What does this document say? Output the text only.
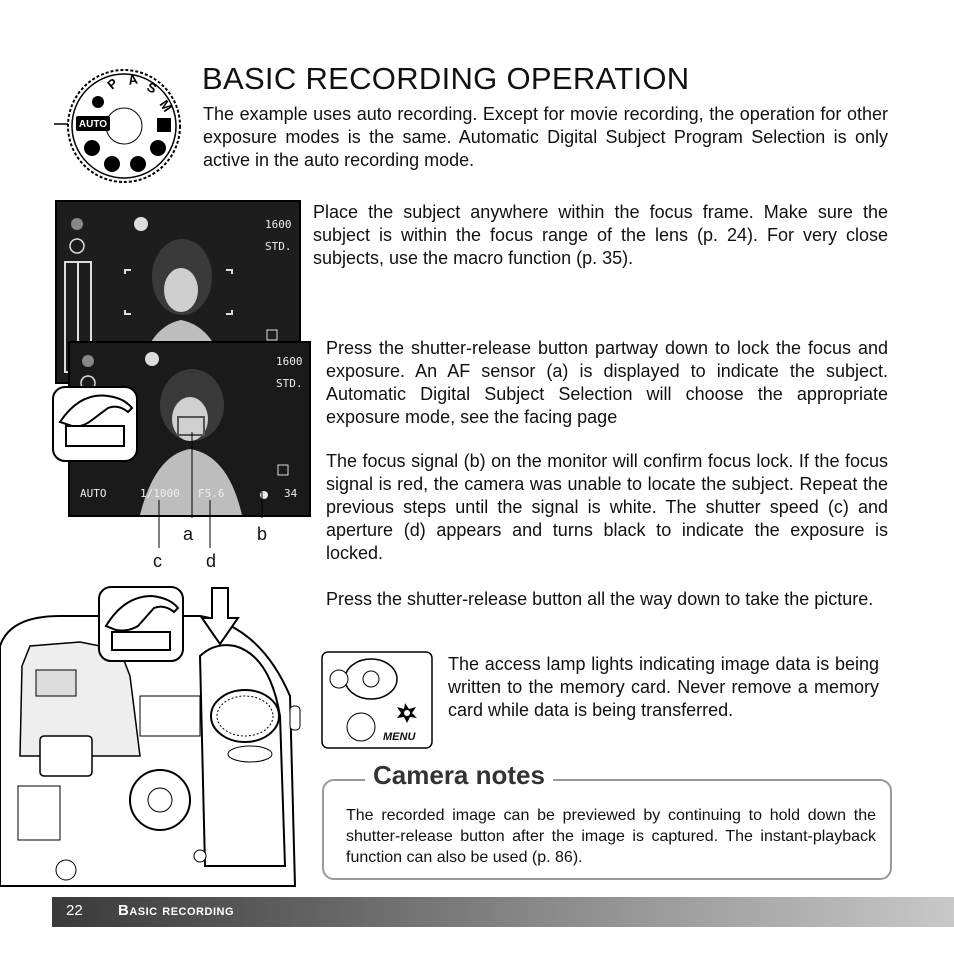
AUTO
P A S
M
BASIC RECORDING OPERATION

The example uses auto recording. Except for movie recording, the operation for other exposure modes is the same. Automatic Digital Subject Program Selection is only active in the auto recording mode.

1600
STD.

Place the subject anywhere within the focus frame. Make sure the subject is within the focus range of the lens (p. 24). For very close subjects, use the macro function (p. 35).

1600
STD.
AUTO	1/1000 F5.6	34
a	b
c d

Press the shutter-release button partway down to lock the focus and exposure. An AF sensor (a) is displayed to indicate the subject. Automatic Digital Subject Selection will choose the appropriate exposure mode, see the facing page

The focus signal (b) on the monitor will confirm focus lock. If the focus signal is red, the camera was unable to locate the subject. Repeat the previous steps until the signal is white. The shutter speed (c) and aperture (d) appears and turns black to indicate the exposure is locked.

Press the shutter-release button all the way down to take the picture.

MENU

The access lamp lights indicating image data is being written to the memory card. Never remove a memory card while data is being transferred.

Camera notes

The recorded image can be previewed by continuing to hold down the shutter-release button after the image is captured. The instant-playback function can also be used (p. 86).

22 Basic recording
